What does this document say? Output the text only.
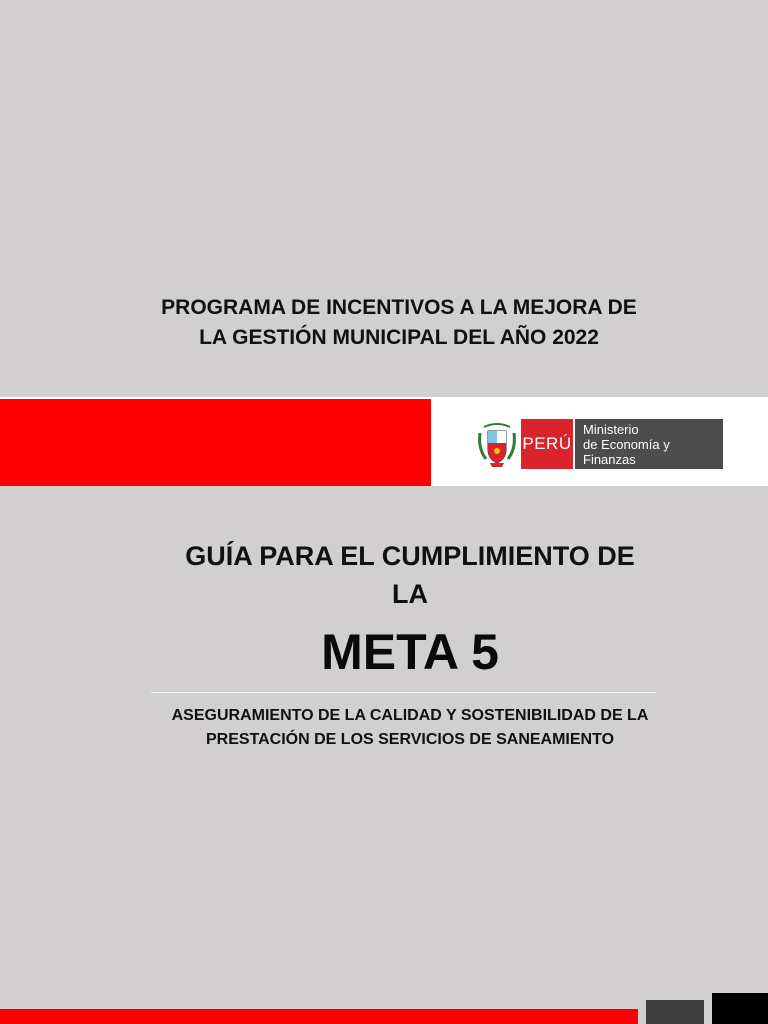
PROGRAMA DE INCENTIVOS A LA MEJORA DE
LA GESTIÓN MUNICIPAL DEL AÑO 2022
PERÚ
Ministerio
de Economía y Finanzas
GUÍA PARA EL CUMPLIMIENTO DE
LA
META 5
ASEGURAMIENTO DE LA CALIDAD Y SOSTENIBILIDAD DE LA
PRESTACIÓN DE LOS SERVICIOS DE SANEAMIENTO
